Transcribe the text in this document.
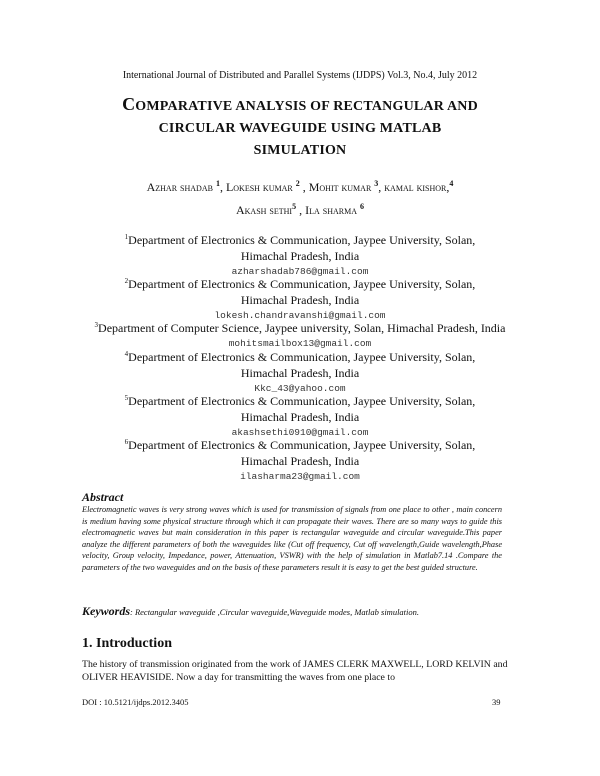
International Journal of Distributed and Parallel Systems (IJDPS) Vol.3, No.4, July 2012
COMPARATIVE ANALYSIS OF RECTANGULAR AND
CIRCULAR WAVEGUIDE USING MATLAB
SIMULATION
Azhar shadab $^1$, Lokesh kumar $^2$ , Mohit kumar $^3$, kamal kishor,$^4$
Akash sethi$^5$ , Ila sharma $^6$
$^1$Department of Electronics & Communication, Jaypee University, Solan,
Himachal Pradesh, India
azharshadab786@gmail.com
$^2$Department of Electronics & Communication, Jaypee University, Solan,
Himachal Pradesh, India
lokesh.chandravanshi@gmail.com
$^3$Department of Computer Science, Jaypee university, Solan, Himachal Pradesh, India
mohitsmailbox13@gmail.com
$^4$Department of Electronics & Communication, Jaypee University, Solan,
Himachal Pradesh, India
Kkc_43@yahoo.com
$^5$Department of Electronics & Communication, Jaypee University, Solan,
Himachal Pradesh, India
akashsethi0910@gmail.com
$^6$Department of Electronics & Communication, Jaypee University, Solan,
Himachal Pradesh, India
ilasharma23@gmail.com
Abstract
Electromagnetic waves is very strong waves which is used for transmission of signals from one place to other , main concern is medium having some physical structure through which it can propagate their waves. There are so many ways to guide this electromagnetic waves but main consideration in this paper is rectangular waveguide and circular waveguide.This paper analyze the different parameters of both the waveguides like (Cut off frequency, Cut off wavelength,Guide wavelength,Phase velocity, Group velocity, Impedance, power, Attenuation, VSWR) with the help of simulation in Matlab7.14 .Compare the parameters of the two waveguides and on the basis of these parameters result it is easy to get the best guided structure.
Keywords: Rectangular waveguide ,Circular waveguide,Waveguide modes, Matlab simulation.
1. Introduction
The history of transmission originated from the work of JAMES CLERK MAXWELL, LORD KELVIN and OLIVER HEAVISIDE. Now a day for transmitting the waves from one place to
DOI : 10.5121/ijdps.2012.3405	39
